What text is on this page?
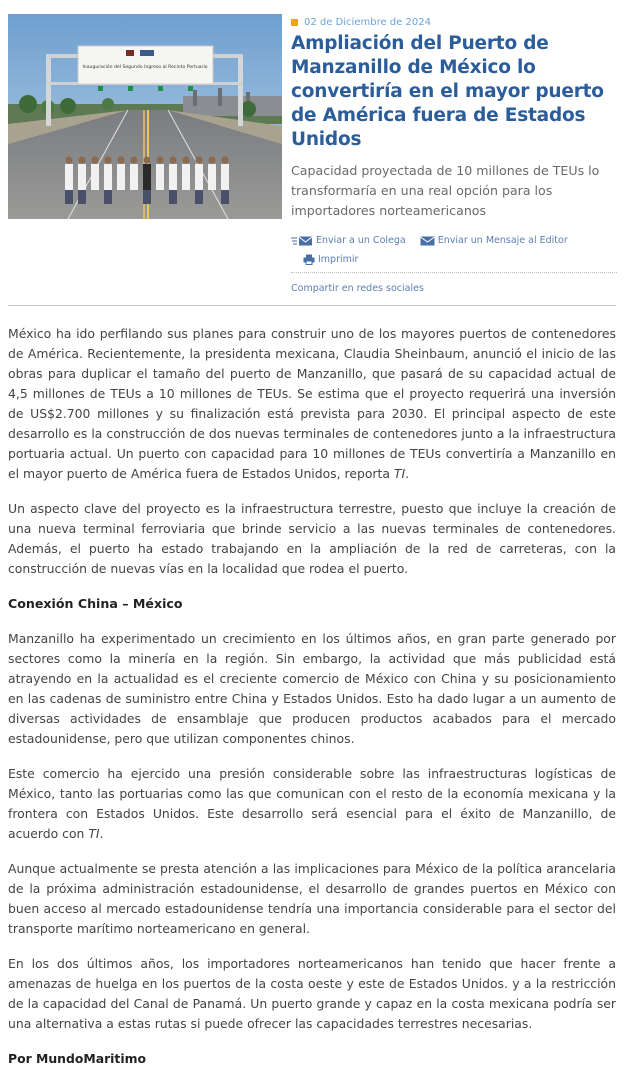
Inauguración del Segundo Ingreso al Recinto Portuario
02 de Diciembre de 2024
Ampliación del Puerto de Manzanillo de México lo convertiría en el mayor puerto de América fuera de Estados Unidos

Capacidad proyectada de 10 millones de TEUs lo transformaría en una real opción para los importadores norteamericanos

Enviar a un Colega	Enviar un Mensaje al Editor
Imprimir
Compartir en redes sociales

México ha ido perfilando sus planes para construir uno de los mayores puertos de contenedores de América. Recientemente, la presidenta mexicana, Claudia Sheinbaum, anunció el inicio de las obras para duplicar el tamaño del puerto de Manzanillo, que pasará de su capacidad actual de 4,5 millones de TEUs a 10 millones de TEUs. Se estima que el proyecto requerirá una inversión de US$2.700 millones y su finalización está prevista para 2030. El principal aspecto de este desarrollo es la construcción de dos nuevas terminales de contenedores junto a la infraestructura portuaria actual. Un puerto con capacidad para 10 millones de TEUs convertiría a Manzanillo en el mayor puerto de América fuera de Estados Unidos, reporta TI.

Un aspecto clave del proyecto es la infraestructura terrestre, puesto que incluye la creación de una nueva terminal ferroviaria que brinde servicio a las nuevas terminales de contenedores. Además, el puerto ha estado trabajando en la ampliación de la red de carreteras, con la construcción de nuevas vías en la localidad que rodea el puerto.

Conexión China – México

Manzanillo ha experimentado un crecimiento en los últimos años, en gran parte generado por sectores como la minería en la región. Sin embargo, la actividad que más publicidad está atrayendo en la actualidad es el creciente comercio de México con China y su posicionamiento en las cadenas de suministro entre China y Estados Unidos. Esto ha dado lugar a un aumento de diversas actividades de ensamblaje que producen productos acabados para el mercado estadounidense, pero que utilizan componentes chinos.

Este comercio ha ejercido una presión considerable sobre las infraestructuras logísticas de México, tanto las portuarias como las que comunican con el resto de la economía mexicana y la frontera con Estados Unidos. Este desarrollo será esencial para el éxito de Manzanillo, de acuerdo con TI.

Aunque actualmente se presta atención a las implicaciones para México de la política arancelaria de la próxima administración estadounidense, el desarrollo de grandes puertos en México con buen acceso al mercado estadounidense tendría una importancia considerable para el sector del transporte marítimo norteamericano en general.

En los dos últimos años, los importadores norteamericanos han tenido que hacer frente a amenazas de huelga en los puertos de la costa oeste y este de Estados Unidos. y a la restricción de la capacidad del Canal de Panamá. Un puerto grande y capaz en la costa mexicana podría ser una alternativa a estas rutas si puede ofrecer las capacidades terrestres necesarias.

Por MundoMaritimo
